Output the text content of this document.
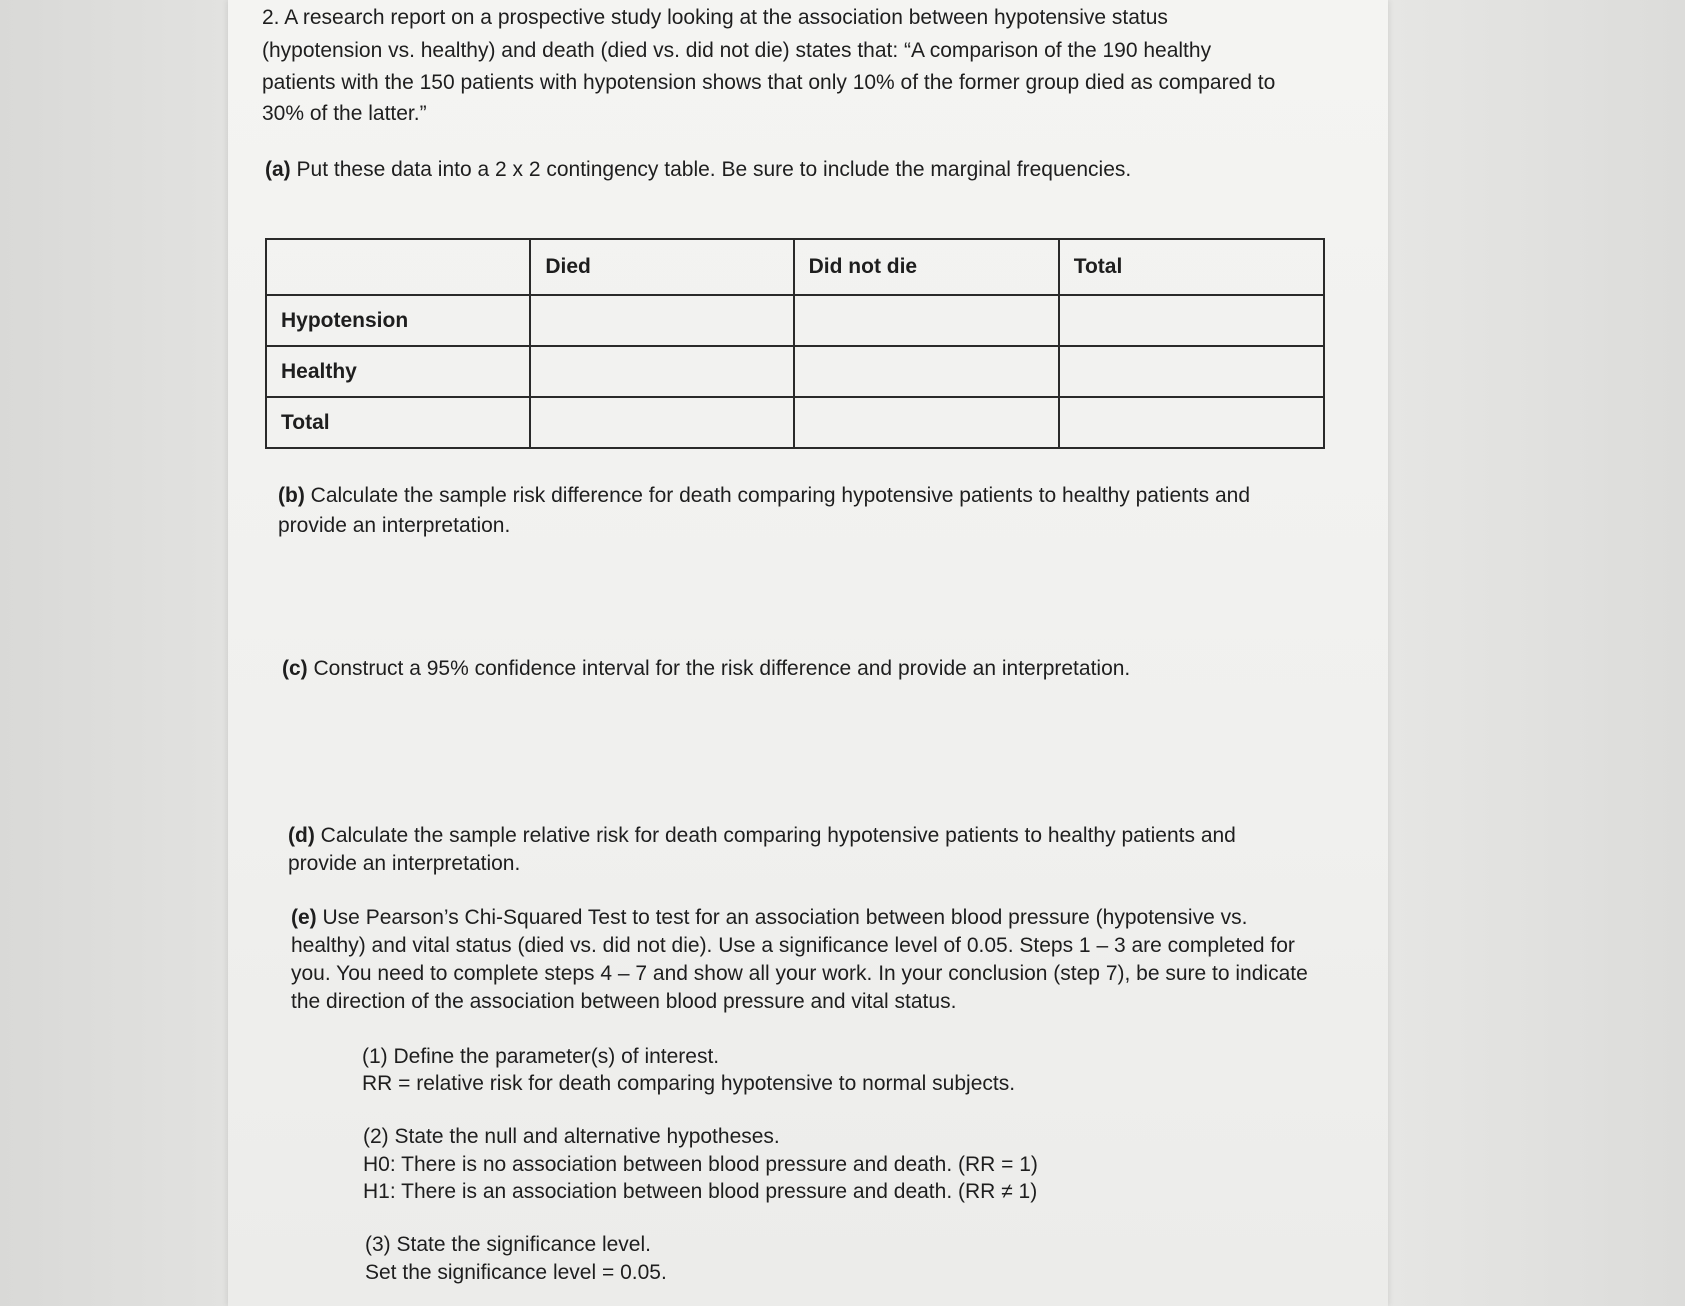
2. A research report on a prospective study looking at the association between hypotensive status
(hypotension vs. healthy) and death (died vs. did not die) states that: “A comparison of the 190 healthy
patients with the 150 patients with hypotension shows that only 10% of the former group died as compared to
30% of the latter.”
(a) Put these data into a 2 x 2 contingency table. Be sure to include the marginal frequencies.
	Died	Did not die	Total
Hypotension			
Healthy			
Total			
(b) Calculate the sample risk difference for death comparing hypotensive patients to healthy patients and
provide an interpretation.
(c) Construct a 95% confidence interval for the risk difference and provide an interpretation.
(d) Calculate the sample relative risk for death comparing hypotensive patients to healthy patients and
provide an interpretation.
(e) Use Pearson’s Chi-Squared Test to test for an association between blood pressure (hypotensive vs.
healthy) and vital status (died vs. did not die). Use a significance level of 0.05. Steps 1 – 3 are completed for
you. You need to complete steps 4 – 7 and show all your work. In your conclusion (step 7), be sure to indicate
the direction of the association between blood pressure and vital status.
(1) Define the parameter(s) of interest.
RR = relative risk for death comparing hypotensive to normal subjects.
(2) State the null and alternative hypotheses.
H0: There is no association between blood pressure and death. (RR = 1)
H1: There is an association between blood pressure and death. (RR ≠ 1)
(3) State the significance level.
Set the significance level = 0.05.
